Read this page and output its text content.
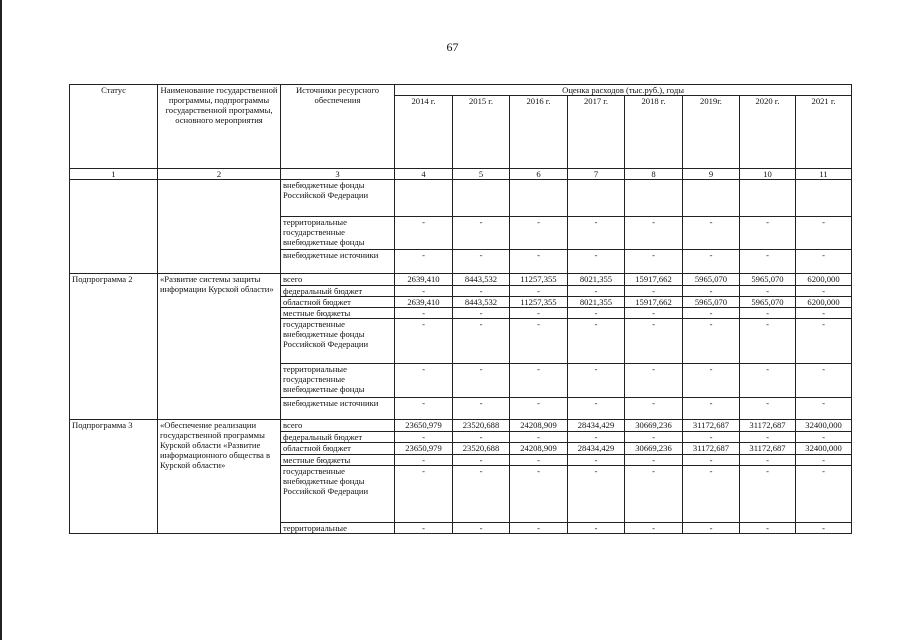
67
Статус	Наименование государственной программы, подпрограммы государственной программы, основного мероприятия	Источники ресурсного обеспечения	Оценка расходов (тыс.руб.), годы							
			2014 г.	2015 г.	2016 г.	2017 г.	2018 г.	2019г.	2020 г.	2021 г.
1	2	3	4	5	6	7	8	9	10	11
		внебюджетные фонды Российской Федерации								
		территориальные государственные внебюджетные фонды	-	-	-	-	-	-	-	-
		внебюджетные источники	-	-	-	-	-	-	-	-
Подпрограмма 2	«Развитие системы защиты информации Курской области»	всего	2639,410	8443,532	11257,355	8021,355	15917,662	5965,070	5965,070	6200,000
		федеральный бюджет	-	-	-	-	-	-	-	-
		областной бюджет	2639,410	8443,532	11257,355	8021,355	15917,662	5965,070	5965,070	6200,000
		местные бюджеты	-	-	-	-	-	-	-	-
		государственные внебюджетные фонды Российской Федерации	-	-	-	-	-	-	-	-
		территориальные государственные внебюджетные фонды	-	-	-	-	-	-	-	-
		внебюджетные источники	-	-	-	-	-	-	-	-
Подпрограмма 3	«Обеспечение реализации государственной программы Курской области «Развитие информационного общества в Курской области»	всего	23650,979	23520,688	24208,909	28434,429	30669,236	31172,687	31172,687	32400,000
		федеральный бюджет	-	-	-	-	-	-	-	-
		областной бюджет	23650,979	23520,688	24208,909	28434,429	30669,236	31172,687	31172,687	32400,000
		местные бюджеты	-	-	-	-	-	-	-	-
		государственные внебюджетные фонды Российской Федерации	-	-	-	-	-	-	-	-
		территориальные	-	-	-	-	-	-	-	-
